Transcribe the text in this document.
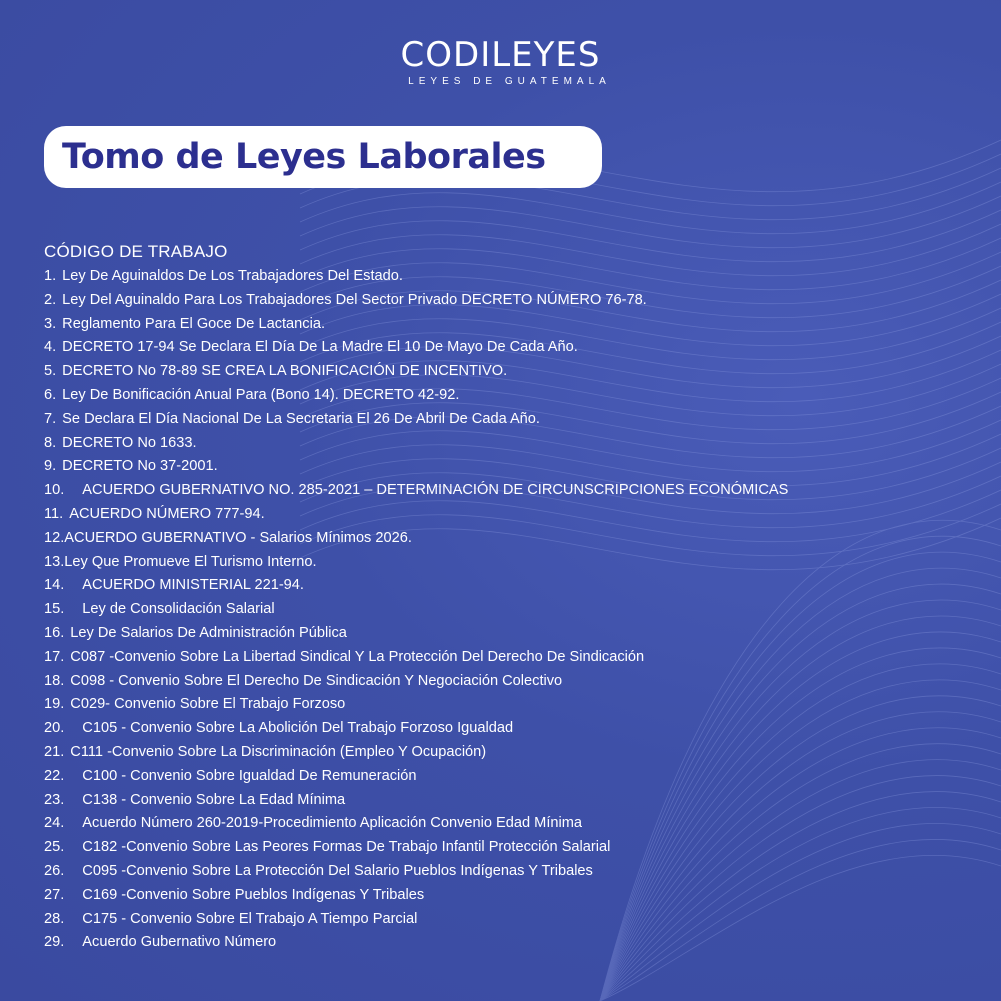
CODILEYES
LEYES DE GUATEMALA
Tomo de Leyes Laborales
CÓDIGO DE TRABAJO
1. Ley De Aguinaldos De Los Trabajadores Del Estado.
2. Ley Del Aguinaldo Para Los Trabajadores Del Sector Privado DECRETO NÚMERO 76-78.
3. Reglamento Para El Goce De Lactancia.
4. DECRETO 17-94 Se Declara El Día De La Madre El 10 De Mayo De Cada Año.
5. DECRETO No 78-89 SE CREA LA BONIFICACIÓN DE INCENTIVO.
6. Ley De Bonificación Anual Para (Bono 14). DECRETO 42-92.
7. Se Declara El Día Nacional De La Secretaria El 26 De Abril De Cada Año.
8. DECRETO No 1633.
9. DECRETO No 37-2001.
10. ACUERDO GUBERNATIVO NO. 285-2021 – DETERMINACIÓN DE CIRCUNSCRIPCIONES ECONÓMICAS
11. ACUERDO NÚMERO 777-94.
12.ACUERDO GUBERNATIVO - Salarios Mínimos 2026.
13.Ley Que Promueve El Turismo Interno.
14. ACUERDO MINISTERIAL 221-94.
15. Ley de Consolidación Salarial
16. Ley De Salarios De Administración Pública
17. C087 -Convenio Sobre La Libertad Sindical Y La Protección Del Derecho De Sindicación
18. C098 - Convenio Sobre El Derecho De Sindicación Y Negociación Colectivo
19. C029- Convenio Sobre El Trabajo Forzoso
20. C105 - Convenio Sobre La Abolición Del Trabajo Forzoso Igualdad
21. C111 -Convenio Sobre La Discriminación (Empleo Y Ocupación)
22. C100 - Convenio Sobre Igualdad De Remuneración
23. C138 - Convenio Sobre La Edad Mínima
24. Acuerdo Número 260-2019-Procedimiento Aplicación Convenio Edad Mínima
25. C182 -Convenio Sobre Las Peores Formas De Trabajo Infantil Protección Salarial
26. C095 -Convenio Sobre La Protección Del Salario Pueblos Indígenas Y Tribales
27. C169 -Convenio Sobre Pueblos Indígenas Y Tribales
28. C175 - Convenio Sobre El Trabajo A Tiempo Parcial
29. Acuerdo Gubernativo Número
